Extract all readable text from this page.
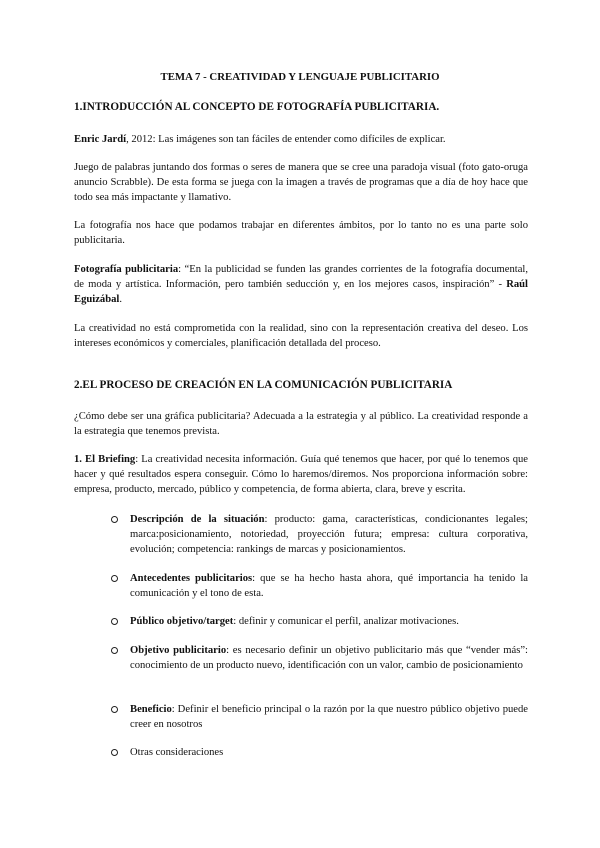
TEMA 7 - CREATIVIDAD Y LENGUAJE PUBLICITARIO
1.INTRODUCCIÓN AL CONCEPTO DE FOTOGRAFÍA PUBLICITARIA.
Enric Jardí, 2012: Las imágenes son tan fáciles de entender como difíciles de explicar.
Juego de palabras juntando dos formas o seres de manera que se cree una paradoja visual (foto gato-oruga anuncio Scrabble). De esta forma se juega con la imagen a través de programas que a día de hoy hace que todo sea más impactante y llamativo.
La fotografía nos hace que podamos trabajar en diferentes ámbitos, por lo tanto no es una parte solo publicitaria.
Fotografía publicitaria: “En la publicidad se funden las grandes corrientes de la fotografía documental, de moda y artística. Información, pero también seducción y, en los mejores casos, inspiración” - Raúl Eguizábal.
La creatividad no está comprometida con la realidad, sino con la representación creativa del deseo. Los intereses económicos y comerciales, planificación detallada del proceso.
2.EL PROCESO DE CREACIÓN EN LA COMUNICACIÓN PUBLICITARIA
¿Cómo debe ser una gráfica publicitaria? Adecuada a la estrategia y al público. La creatividad responde a la estrategia que tenemos prevista.
1. El Briefing: La creatividad necesita información. Guía qué tenemos que hacer, por qué lo tenemos que hacer y qué resultados espera conseguir. Cómo lo haremos/diremos. Nos proporciona información sobre: empresa, producto, mercado, público y competencia, de forma abierta, clara, breve y escrita.
Descripción de la situación: producto: gama, características, condicionantes legales; marca:posicionamiento, notoriedad, proyección futura; empresa: cultura corporativa, evolución; competencia: rankings de marcas y posicionamientos.
Antecedentes publicitarios: que se ha hecho hasta ahora, qué importancia ha tenido la comunicación y el tono de esta.
Público objetivo/target: definir y comunicar el perfil, analizar motivaciones.
Objetivo publicitario: es necesario definir un objetivo publicitario más que “vender más”: conocimiento de un producto nuevo, identificación con un valor, cambio de posicionamiento
Beneficio: Definir el beneficio principal o la razón por la que nuestro público objetivo puede creer en nosotros
Otras consideraciones
